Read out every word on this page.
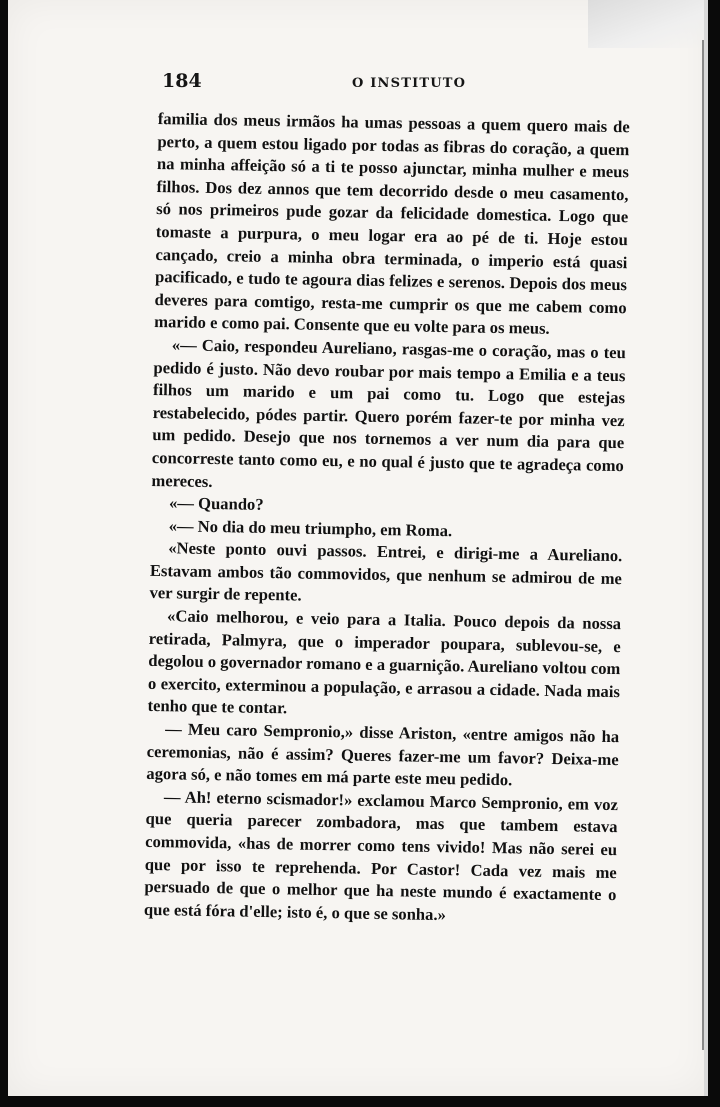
184	O INSTITUTO

familia dos meus irmãos ha umas pessoas a quem quero mais de perto, a quem estou ligado por todas as fibras do coração, a quem na minha affeição só a ti te posso ajunctar, minha mulher e meus filhos. Dos dez annos que tem decorrido desde o meu casamento, só nos primeiros pude gozar da felicidade domestica. Logo que tomaste a purpura, o meu logar era ao pé de ti. Hoje estou cançado, creio a minha obra terminada, o imperio está quasi pacificado, e tudo te agoura dias felizes e serenos. Depois dos meus deveres para comtigo, resta-me cumprir os que me cabem como marido e como pai. Consente que eu volte para os meus.

«— Caio, respondeu Aureliano, rasgas-me o coração, mas o teu pedido é justo. Não devo roubar por mais tempo a Emilia e a teus filhos um marido e um pai como tu. Logo que estejas restabelecido, pódes partir. Quero porém fazer-te por minha vez um pedido. Desejo que nos tornemos a ver num dia para que concorreste tanto como eu, e no qual é justo que te agradeça como mereces.

«— Quando?

«— No dia do meu triumpho, em Roma.

«Neste ponto ouvi passos. Entrei, e dirigi-me a Aureliano. Estavam ambos tão commovidos, que nenhum se admirou de me ver surgir de repente.

«Caio melhorou, e veio para a Italia. Pouco depois da nossa retirada, Palmyra, que o imperador poupara, sublevou-se, e degolou o governador romano e a guarnição. Aureliano voltou com o exercito, exterminou a população, e arrasou a cidade. Nada mais tenho que te contar.

— Meu caro Sempronio,» disse Ariston, «entre amigos não ha ceremonias, não é assim? Queres fazer-me um favor? Deixa-me agora só, e não tomes em má parte este meu pedido.

— Ah! eterno scismador!» exclamou Marco Sempronio, em voz que queria parecer zombadora, mas que tambem estava commovida, «has de morrer como tens vivido! Mas não serei eu que por isso te reprehenda. Por Castor! Cada vez mais me persuado de que o melhor que ha neste mundo é exactamente o que está fóra d'elle; isto é, o que se sonha.»
